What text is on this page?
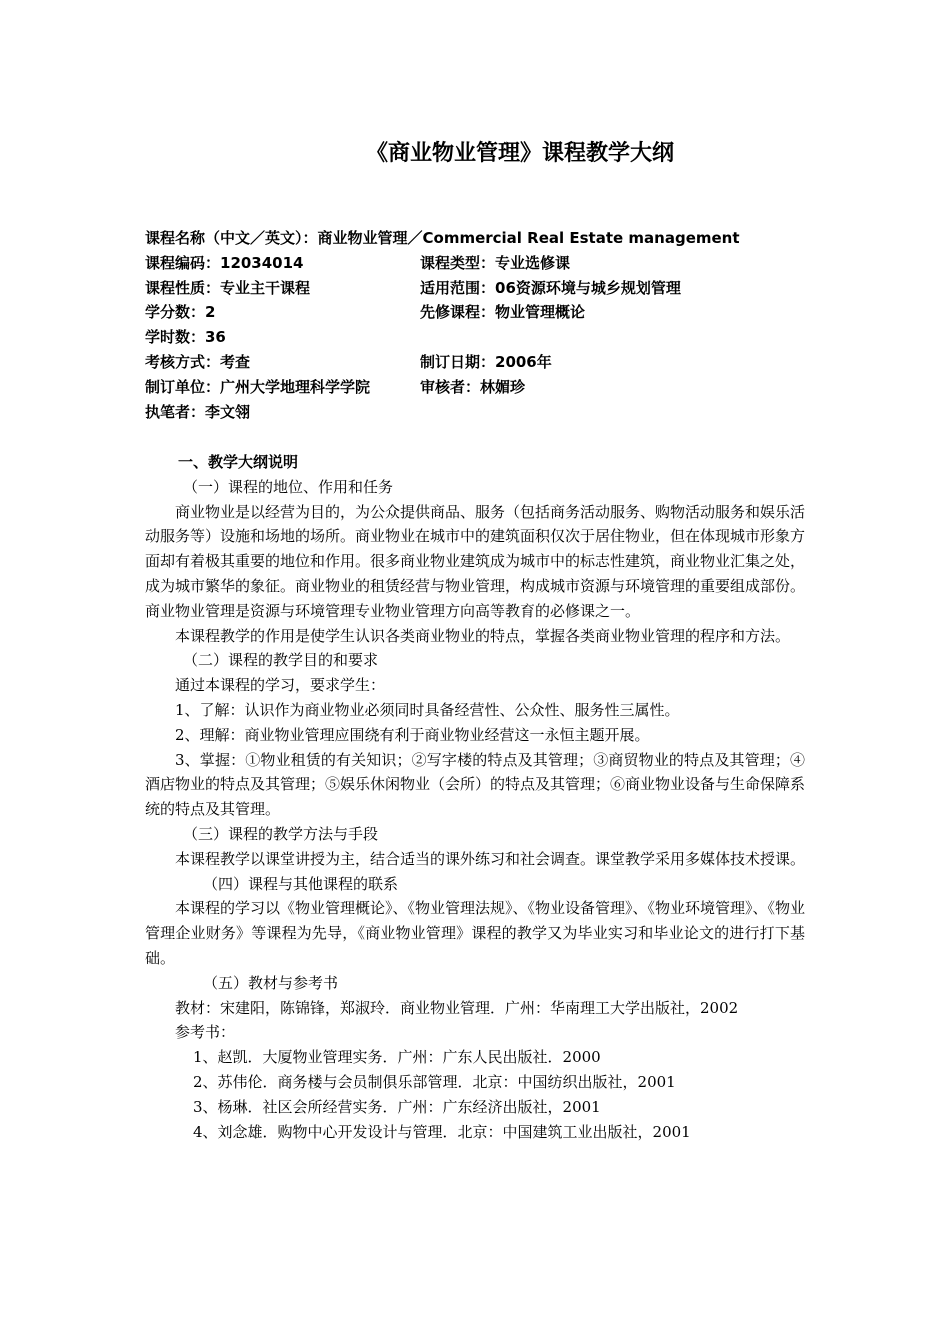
《商业物业管理》课程教学大纲
课程名称（中文／英文）：商业物业管理／Commercial Real Estate management
课程编码：12034014	课程类型：专业选修课
课程性质：专业主干课程	适用范围：06资源环境与城乡规划管理
学分数：2	先修课程：物业管理概论
学时数：36
考核方式：考查	制订日期：2006年
制订单位：广州大学地理科学学院	审核者：林媚珍
执笔者：李文翎
一、教学大纲说明
（一）课程的地位、作用和任务
商业物业是以经营为目的，为公众提供商品、服务（包括商务活动服务、购物活动服务和娱乐活动服务等）设施和场地的场所。商业物业在城市中的建筑面积仅次于居住物业，但在体现城市形象方面却有着极其重要的地位和作用。很多商业物业建筑成为城市中的标志性建筑，商业物业汇集之处，成为城市繁华的象征。商业物业的租赁经营与物业管理，构成城市资源与环境管理的重要组成部份。商业物业管理是资源与环境管理专业物业管理方向高等教育的必修课之一。
本课程教学的作用是使学生认识各类商业物业的特点，掌握各类商业物业管理的程序和方法。
（二）课程的教学目的和要求
通过本课程的学习，要求学生：
1、了解：认识作为商业物业必须同时具备经营性、公众性、服务性三属性。
2、理解：商业物业管理应围绕有利于商业物业经营这一永恒主题开展。
3、掌握：①物业租赁的有关知识；②写字楼的特点及其管理；③商贸物业的特点及其管理；④酒店物业的特点及其管理；⑤娱乐休闲物业（会所）的特点及其管理；⑥商业物业设备与生命保障系统的特点及其管理。
（三）课程的教学方法与手段
本课程教学以课堂讲授为主，结合适当的课外练习和社会调查。课堂教学采用多媒体技术授课。
（四）课程与其他课程的联系
本课程的学习以《物业管理概论》、《物业管理法规》、《物业设备管理》、《物业环境管理》、《物业管理企业财务》等课程为先导，《商业物业管理》课程的教学又为毕业实习和毕业论文的进行打下基础。
（五）教材与参考书
教材：宋建阳，陈锦锋，郑淑玲．商业物业管理．广州：华南理工大学出版社，2002
参考书：
1、赵凯．大厦物业管理实务．广州：广东人民出版社．2000
2、苏伟伦．商务楼与会员制俱乐部管理．北京：中国纺织出版社，2001
3、杨琳．社区会所经营实务．广州：广东经济出版社，2001
4、刘念雄．购物中心开发设计与管理．北京：中国建筑工业出版社，2001
